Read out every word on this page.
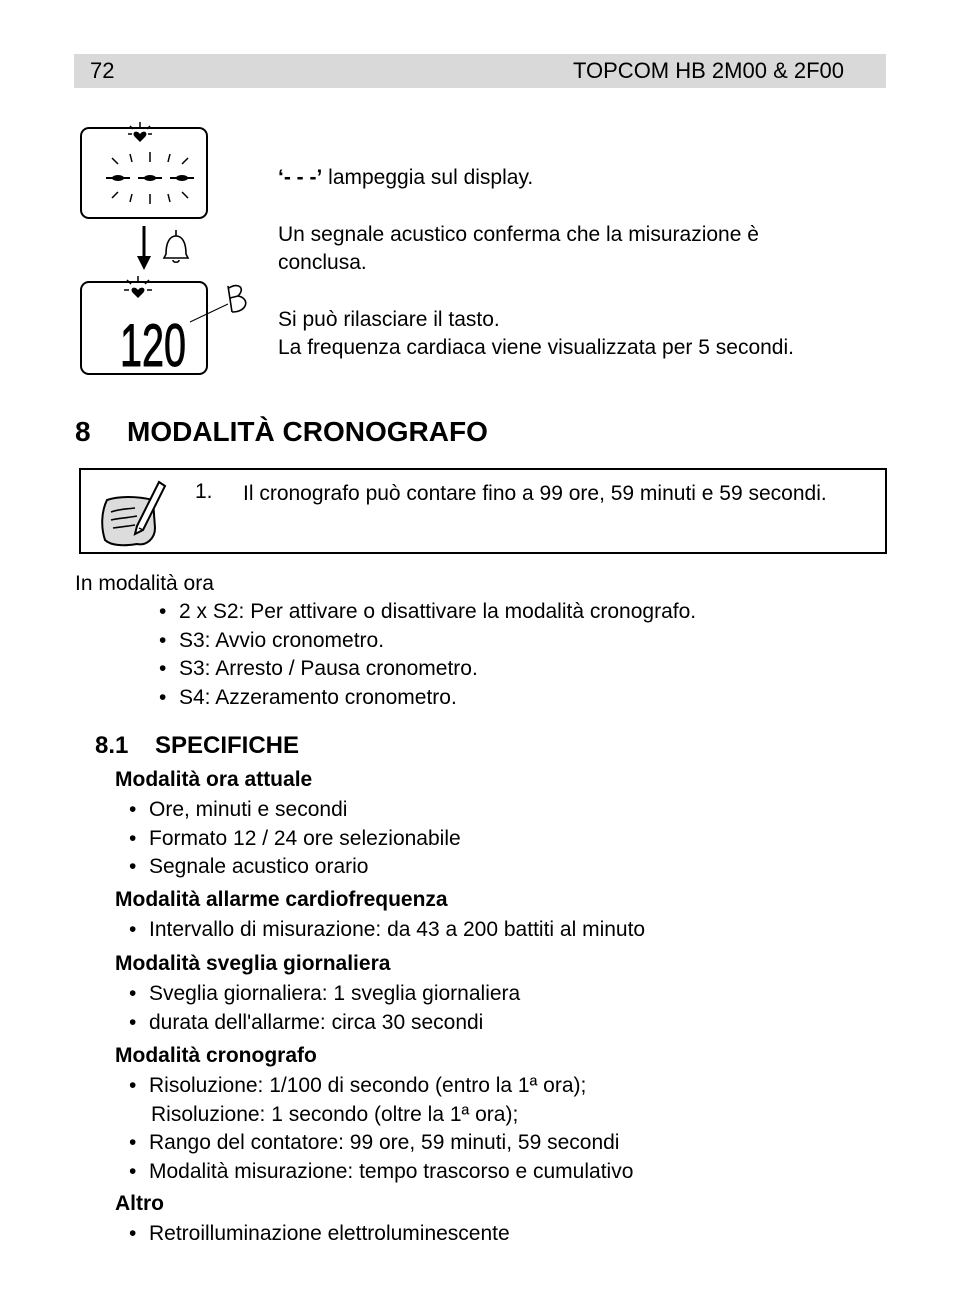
72	TOPCOM HB 2M00 & 2F00
120
‘- - -’ lampeggia sul display.
Un segnale acustico conferma che la misurazione è
conclusa.
Si può rilasciare il tasto.
La frequenza cardiaca viene visualizzata per 5 secondi.
8 MODALITÀ CRONOGRAFO
1. Il cronografo può contare fino a 99 ore, 59 minuti e 59 secondi.
In modalità ora
• 2 x S2: Per attivare o disattivare la modalità cronografo.
• S3: Avvio cronometro.
• S3: Arresto / Pausa cronometro.
• S4: Azzeramento cronometro.
8.1 SPECIFICHE
Modalità ora attuale
• Ore, minuti e secondi
• Formato 12 / 24 ore selezionabile
• Segnale acustico orario
Modalità allarme cardiofrequenza
• Intervallo di misurazione: da 43 a 200 battiti al minuto
Modalità sveglia giornaliera
• Sveglia giornaliera: 1 sveglia giornaliera
• durata dell'allarme: circa 30 secondi
Modalità cronografo
• Risoluzione: 1/100 di secondo (entro la 1ª ora);
Risoluzione: 1 secondo (oltre la 1ª ora);
• Rango del contatore: 99 ore, 59 minuti, 59 secondi
• Modalità misurazione: tempo trascorso e cumulativo
Altro
• Retroilluminazione elettroluminescente
